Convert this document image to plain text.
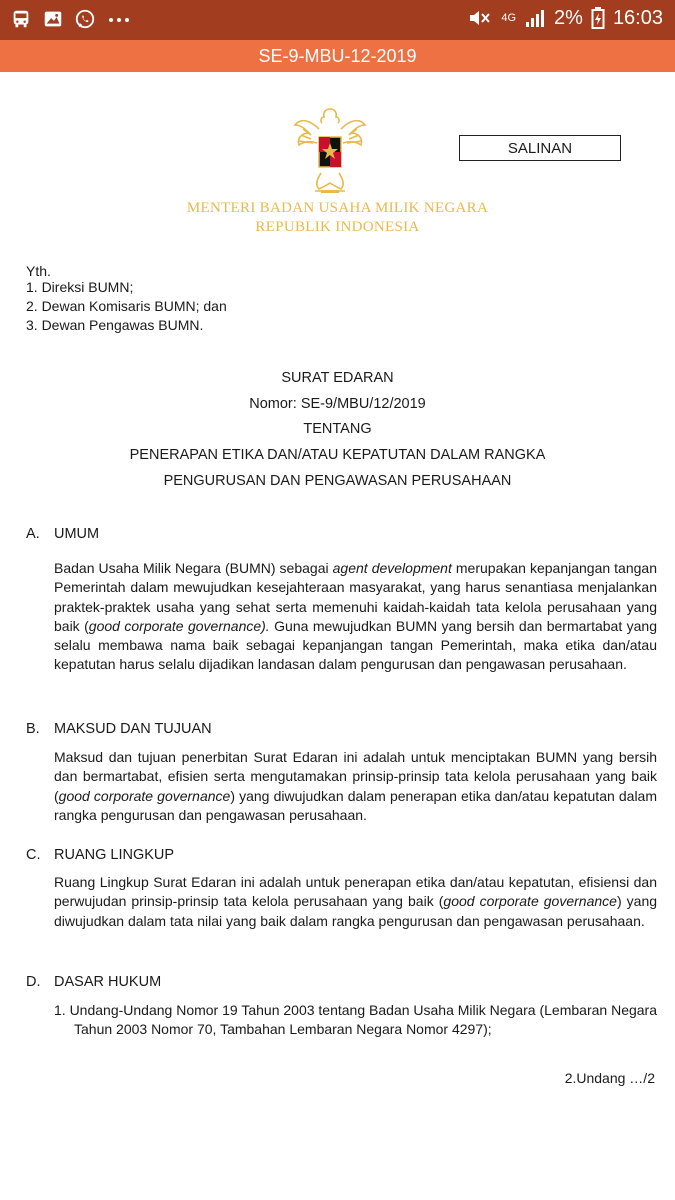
4G 2% 16:03
SE-9-MBU-12-2019
SALINAN
MENTERI BADAN USAHA MILIK NEGARA
REPUBLIK INDONESIA
Yth.
1. Direksi BUMN;
2. Dewan Komisaris BUMN; dan
3. Dewan Pengawas BUMN.
SURAT EDARAN
Nomor: SE-9/MBU/12/2019
TENTANG
PENERAPAN ETIKA DAN/ATAU KEPATUTAN DALAM RANGKA
PENGURUSAN DAN PENGAWASAN PERUSAHAAN
A. UMUM
Badan Usaha Milik Negara (BUMN) sebagai agent development merupakan kepanjangan tangan Pemerintah dalam mewujudkan kesejahteraan masyarakat, yang harus senantiasa menjalankan praktek-praktek usaha yang sehat serta memenuhi kaidah-kaidah tata kelola perusahaan yang baik (good corporate governance). Guna mewujudkan BUMN yang bersih dan bermartabat yang selalu membawa nama baik sebagai kepanjangan tangan Pemerintah, maka etika dan/atau kepatutan harus selalu dijadikan landasan dalam pengurusan dan pengawasan perusahaan.
B. MAKSUD DAN TUJUAN
Maksud dan tujuan penerbitan Surat Edaran ini adalah untuk menciptakan BUMN yang bersih dan bermartabat, efisien serta mengutamakan prinsip-prinsip tata kelola perusahaan yang baik (good corporate governance) yang diwujudkan dalam penerapan etika dan/atau kepatutan dalam rangka pengurusan dan pengawasan perusahaan.
C. RUANG LINGKUP
Ruang Lingkup Surat Edaran ini adalah untuk penerapan etika dan/atau kepatutan, efisiensi dan perwujudan prinsip-prinsip tata kelola perusahaan yang baik (good corporate governance) yang diwujudkan dalam tata nilai yang baik dalam rangka pengurusan dan pengawasan perusahaan.
D. DASAR HUKUM
1. Undang-Undang Nomor 19 Tahun 2003 tentang Badan Usaha Milik Negara (Lembaran Negara Tahun 2003 Nomor 70, Tambahan Lembaran Negara Nomor 4297);
2.Undang …/2
